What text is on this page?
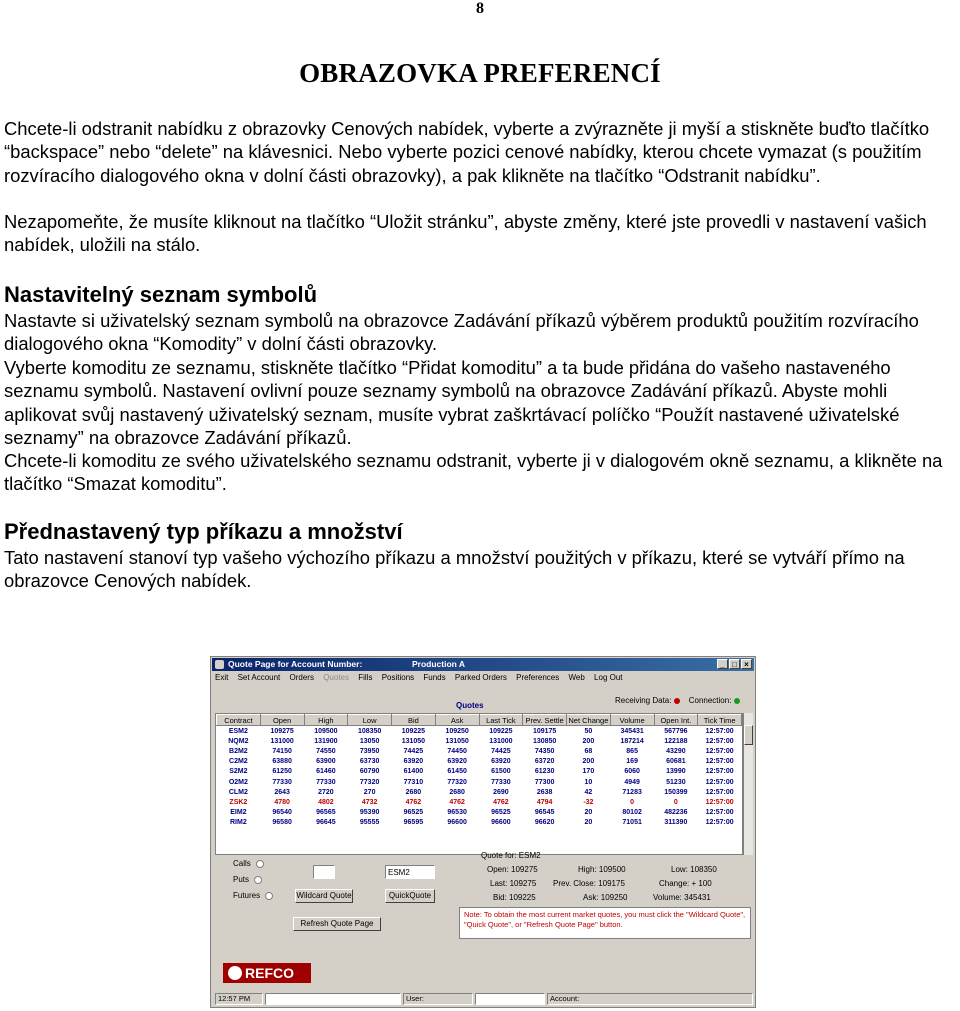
8
OBRAZOVKA PREFERENCÍ

Chcete-li odstranit nabídku z obrazovky Cenových nabídek, vyberte a zvýrazněte ji myší a stiskněte buďto tlačítko “backspace” nebo “delete” na klávesnici. Nebo vyberte pozici cenové nabídky, kterou chcete vymazat (s použitím rozvíracího dialogového okna v dolní části obrazovky), a pak klikněte na tlačítko “Odstranit nabídku”.

Nezapomeňte, že musíte kliknout na tlačítko “Uložit stránku”, abyste změny, které jste provedli v nastavení vašich nabídek, uložili na stálo.

Nastavitelný seznam symbolů

Nastavte si uživatelský seznam symbolů na obrazovce Zadávání příkazů výběrem produktů použitím rozvíracího dialogového okna “Komodity” v dolní části obrazovky.

Vyberte komoditu ze seznamu, stiskněte tlačítko “Přidat komoditu” a ta bude přidána do vašeho nastaveného seznamu symbolů. Nastavení ovlivní pouze seznamy symbolů na obrazovce Zadávání příkazů. Abyste mohli aplikovat svůj nastavený uživatelský seznam, musíte vybrat zaškrtávací políčko “Použít nastavené uživatelské seznamy” na obrazovce Zadávání příkazů.

Chcete-li komoditu ze svého uživatelského seznamu odstranit, vyberte ji v dialogovém okně seznamu, a klikněte na tlačítko “Smazat komoditu”.

Přednastavený typ příkazu a množství

Tato nastavení stanoví typ vašeho výchozího příkazu a množství použitých v příkazu, které se vytváří přímo na obrazovce Cenových nabídek.

Quote Page for Account Number:	Production A	_ □ ×
Exit Set Account Orders Quotes Fills Positions Funds Parked Orders Preferences Web Log Out
Receiving Data: Connection:
Quotes
Contract	Open	High	Low	Bid	Ask	Last Tick	Prev. Settle	Net Change	Volume	Open Int.	Tick Time
ESM2	109275	109500	108350	109225	109250	109225	109175	50	345431	567796	12:57:00
NQM2	131000	131900	13050	131050	131050	131000	130850	200	187214	122188	12:57:00
B2M2	74150	74550	73950	74425	74450	74425	74350	68	865	43290	12:57:00
C2M2	63880	63900	63730	63920	63920	63920	63720	200	169	60681	12:57:00
S2M2	61250	61460	60790	61400	61450	61500	61230	170	6060	13990	12:57:00
O2M2	77330	77330	77320	77310	77320	77330	77300	10	4949	51230	12:57:00
CLM2	2643	2720	270	2680	2680	2690	2638	42	71283	150399	12:57:00
ZSK2	4780	4802	4732	4762	4762	4762	4794	-32	0	0	12:57:00
EIM2	96540	96565	95390	96525	96530	96525	96545	20	80102	482236	12:57:00
RIM2	96580	96645	95555	96595	96600	96600	96620	20	71051	311390	12:57:00
Calls
Puts
Futures	Wildcard Quote
ESM2
QuickQuote
Refresh Quote Page
Quote for: ESM2
Open: 109275	High: 109500	Low: 108350
Last: 109275 Prev. Close: 109175	Change: + 100
Bid: 109225	Ask: 109250	Volume: 345431
Note: To obtain the most current market quotes, you must click the "Wildcard Quote", "Quick Quote", or "Refresh Quote Page" button.
REFCO
12:57 PM	User:	Account:
